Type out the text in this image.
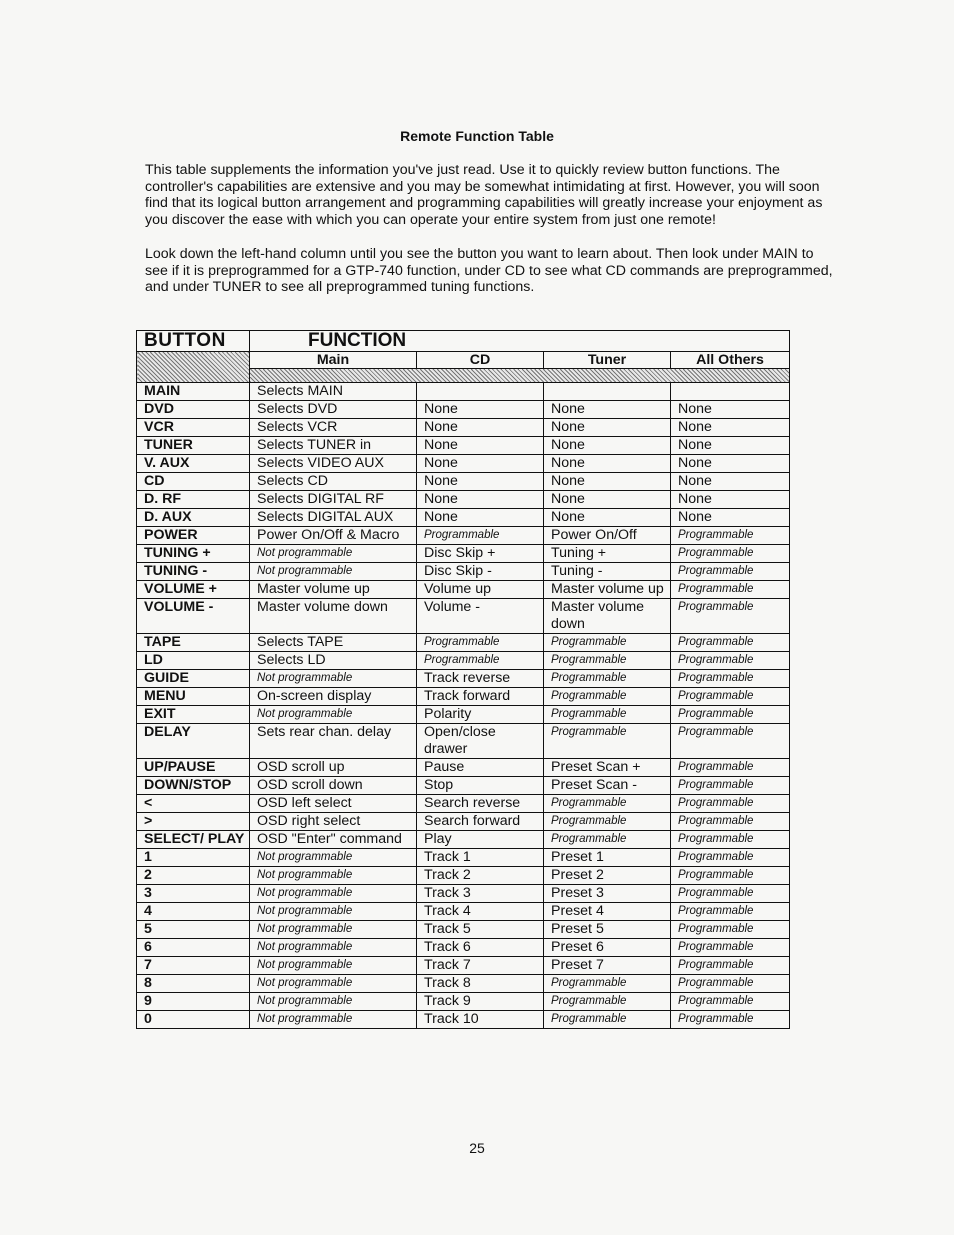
Remote Function Table
This table supplements the information you've just read. Use it to quickly review button functions. The controller's capabilities are extensive and you may be somewhat intimidating at first. However, you will soon find that its logical button arrangement and programming capabilities will greatly increase your enjoyment as you discover the ease with which you can operate your entire system from just one remote!
Look down the left-hand column until you see the button you want to learn about. Then look under MAIN to see if it is preprogrammed for a GTP-740 function, under CD to see what CD commands are preprogrammed, and under TUNER to see all preprogrammed tuning functions.
BUTTON	FUNCTION			
	Main	CD	Tuner	All Others

MAIN	Selects MAIN			
DVD	Selects DVD	None	None	None
VCR	Selects VCR	None	None	None
TUNER	Selects TUNER in	None	None	None
V. AUX	Selects VIDEO AUX	None	None	None
CD	Selects CD	None	None	None
D. RF	Selects DIGITAL RF	None	None	None
D. AUX	Selects DIGITAL AUX	None	None	None
POWER	Power On/Off & Macro	Programmable	Power On/Off	Programmable
TUNING +	Not programmable	Disc Skip +	Tuning +	Programmable
TUNING -	Not programmable	Disc Skip -	Tuning -	Programmable
VOLUME +	Master volume up	Volume up	Master volume up	Programmable
VOLUME -	Master volume down	Volume -	Master volume down	Programmable
TAPE	Selects TAPE	Programmable	Programmable	Programmable
LD	Selects LD	Programmable	Programmable	Programmable
GUIDE	Not programmable	Track reverse	Programmable	Programmable
MENU	On-screen display	Track forward	Programmable	Programmable
EXIT	Not programmable	Polarity	Programmable	Programmable
DELAY	Sets rear chan. delay	Open/close drawer	Programmable	Programmable
UP/PAUSE	OSD scroll up	Pause	Preset Scan +	Programmable
DOWN/STOP	OSD scroll down	Stop	Preset Scan -	Programmable
<	OSD left select	Search reverse	Programmable	Programmable
>	OSD right select	Search forward	Programmable	Programmable
SELECT/ PLAY	OSD "Enter" command	Play	Programmable	Programmable
1	Not programmable	Track 1	Preset 1	Programmable
2	Not programmable	Track 2	Preset 2	Programmable
3	Not programmable	Track 3	Preset 3	Programmable
4	Not programmable	Track 4	Preset 4	Programmable
5	Not programmable	Track 5	Preset 5	Programmable
6	Not programmable	Track 6	Preset 6	Programmable
7	Not programmable	Track 7	Preset 7	Programmable
8	Not programmable	Track 8	Programmable	Programmable
9	Not programmable	Track 9	Programmable	Programmable
0	Not programmable	Track 10	Programmable	Programmable
25
